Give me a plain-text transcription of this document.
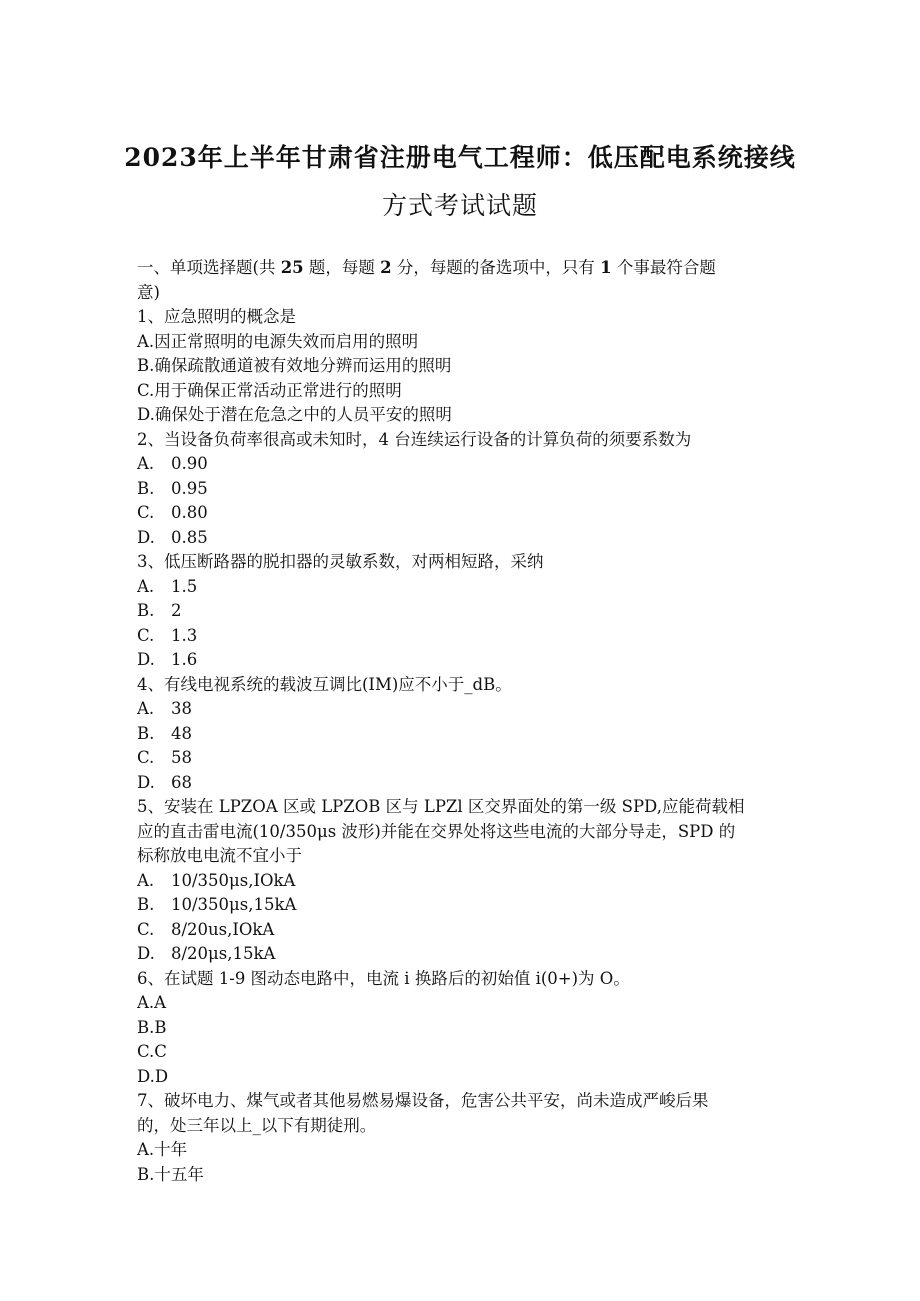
2023年上半年甘肃省注册电气工程师：低压配电系统接线
方式考试试题
一、单项选择题(共 25 题，每题 2 分，每题的备选项中，只有 1 个事最符合题
意)
1、应急照明的概念是
A.因正常照明的电源失效而启用的照明
B.确保疏散通道被有效地分辨而运用的照明
C.用于确保正常活动正常进行的照明
D.确保处于潜在危急之中的人员平安的照明
2、当设备负荷率很高或未知时，4 台连续运行设备的计算负荷的须要系数为
A. 0.90
B. 0.95
C. 0.80
D. 0.85
3、低压断路器的脱扣器的灵敏系数，对两相短路，采纳
A. 1.5
B. 2
C. 1.3
D. 1.6
4、有线电视系统的载波互调比(IM)应不小于_dB。
A. 38
B. 48
C. 58
D. 68
5、安装在 LPZOA 区或 LPZOB 区与 LPZl 区交界面处的第一级 SPD,应能荷载相
应的直击雷电流(10/350μs 波形)并能在交界处将这些电流的大部分导走，SPD 的
标称放电电流不宜小于
A. 10/350μs,IOkA
B. 10/350μs,15kA
C. 8/20us,IOkA
D. 8/20μs,15kA
6、在试题 1-9 图动态电路中，电流 i 换路后的初始值 i(0+)为 O。
A.A
B.B
C.C
D.D
7、破坏电力、煤气或者其他易燃易爆设备，危害公共平安，尚未造成严峻后果
的，处三年以上_以下有期徒刑。
A.十年
B.十五年
